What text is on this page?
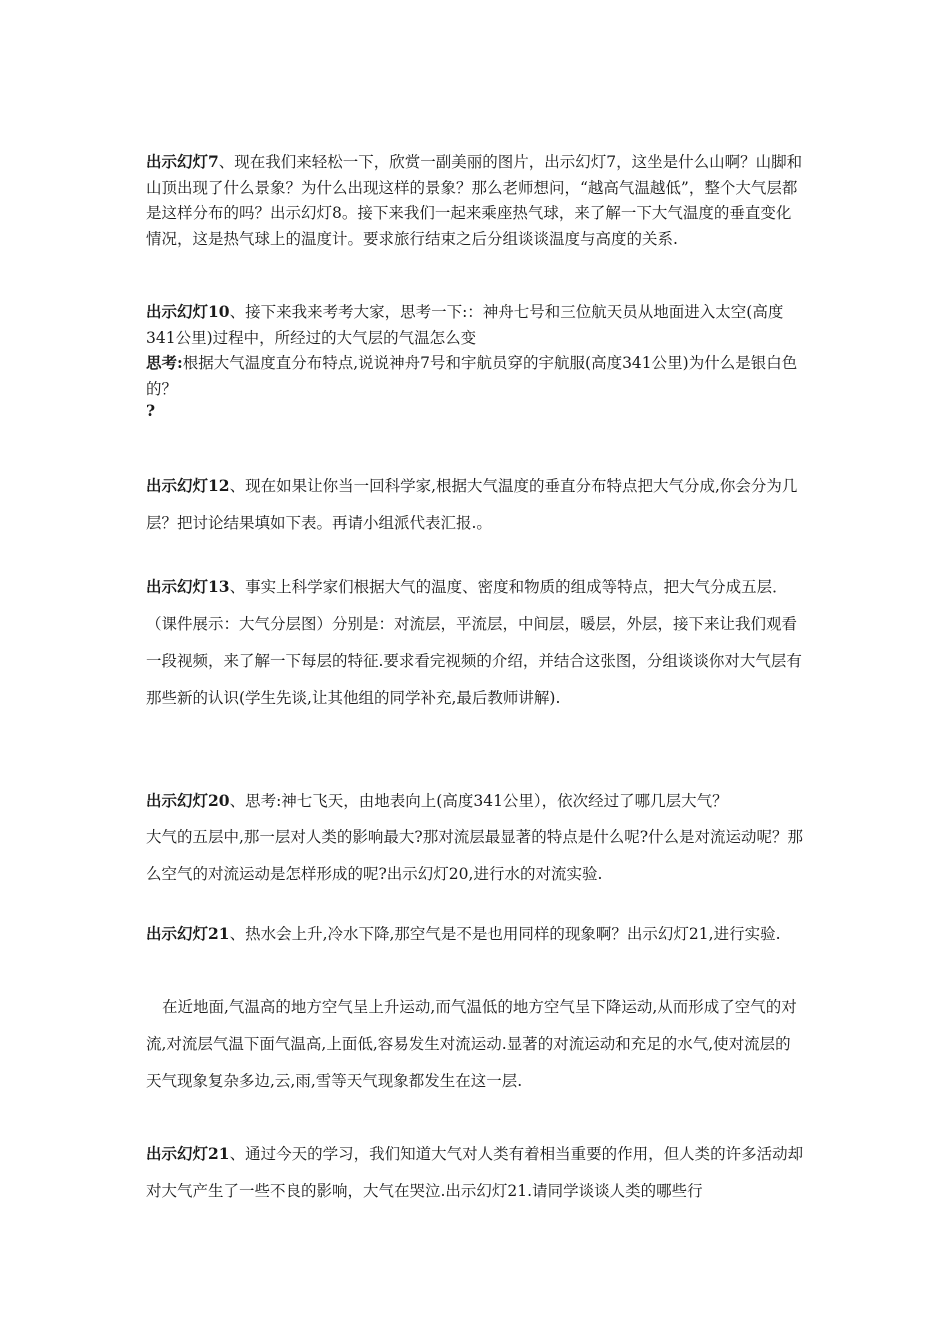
出示幻灯7、现在我们来轻松一下，欣赏一副美丽的图片，出示幻灯7，这坐是什么山啊？山脚和山顶出现了什么景象？为什么出现这样的景象？那么老师想问，“越高气温越低”，整个大气层都是这样分布的吗？出示幻灯8。接下来我们一起来乘座热气球，来了解一下大气温度的垂直变化情况，这是热气球上的温度计。要求旅行结束之后分组谈谈温度与高度的关系.

出示幻灯10、接下来我来考考大家，思考一下:：神舟七号和三位航天员从地面进入太空(高度341公里)过程中，所经过的大气层的气温怎么变

思考:根据大气温度直分布特点,说说神舟7号和宇航员穿的宇航服(高度341公里)为什么是银白色的？

?

出示幻灯12、现在如果让你当一回科学家,根据大气温度的垂直分布特点把大气分成,你会分为几层？把讨论结果填如下表。再请小组派代表汇报.。

出示幻灯13、事实上科学家们根据大气的温度、密度和物质的组成等特点，把大气分成五层．（课件展示：大气分层图）分别是：对流层，平流层，中间层，暖层，外层，接下来让我们观看一段视频，来了解一下每层的特征.要求看完视频的介绍，并结合这张图，分组谈谈你对大气层有那些新的认识(学生先谈,让其他组的同学补充,最后教师讲解).

出示幻灯20、思考:神七飞天，由地表向上(高度341公里），依次经过了哪几层大气？

大气的五层中,那一层对人类的影响最大?那对流层最显著的特点是什么呢?什么是对流运动呢？那么空气的对流运动是怎样形成的呢?出示幻灯20,进行水的对流实验.

出示幻灯21、热水会上升,冷水下降,那空气是不是也用同样的现象啊？出示幻灯21,进行实验.

在近地面,气温高的地方空气呈上升运动,而气温低的地方空气呈下降运动,从而形成了空气的对流,对流层气温下面气温高,上面低,容易发生对流运动.显著的对流运动和充足的水气,使对流层的天气现象复杂多边,云,雨,雪等天气现象都发生在这一层.

出示幻灯21、通过今天的学习，我们知道大气对人类有着相当重要的作用，但人类的许多活动却对大气产生了一些不良的影响，大气在哭泣.出示幻灯21.请同学谈谈人类的哪些行
